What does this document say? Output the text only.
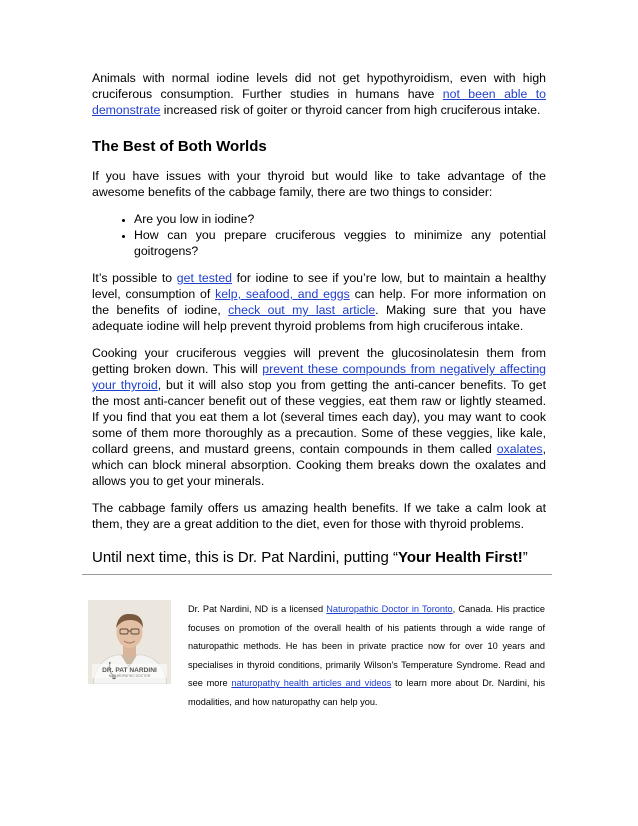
Animals with normal iodine levels did not get hypothyroidism, even with high cruciferous consumption. Further studies in humans have not been able to demonstrate increased risk of goiter or thyroid cancer from high cruciferous intake.

The Best of Both Worlds

If you have issues with your thyroid but would like to take advantage of the awesome benefits of the cabbage family, there are two things to consider:

• Are you low in iodine?
• How can you prepare cruciferous veggies to minimize any potential goitrogens?

It’s possible to get tested for iodine to see if you’re low, but to maintain a healthy level, consumption of kelp, seafood, and eggs can help. For more information on the benefits of iodine, check out my last article. Making sure that you have adequate iodine will help prevent thyroid problems from high cruciferous intake.

Cooking your cruciferous veggies will prevent the glucosinolatesin them from getting broken down. This will prevent these compounds from negatively affecting your thyroid, but it will also stop you from getting the anti-cancer benefits. To get the most anti-cancer benefit out of these veggies, eat them raw or lightly steamed. If you find that you eat them a lot (several times each day), you may want to cook some of them more thoroughly as a precaution. Some of these veggies, like kale, collard greens, and mustard greens, contain compounds in them called oxalates, which can block mineral absorption. Cooking them breaks down the oxalates and allows you to get your minerals.

The cabbage family offers us amazing health benefits. If we take a calm look at them, they are a great addition to the diet, even for those with thyroid problems.

Until next time, this is Dr. Pat Nardini, putting “Your Health First!”

DR. PAT NARDINI
NATUROPATHIC DOCTOR

Dr. Pat Nardini, ND is a licensed Naturopathic Doctor in Toronto, Canada. His practice focuses on promotion of the overall health of his patients through a wide range of naturopathic methods. He has been in private practice now for over 10 years and specialises in thyroid conditions, primarily Wilson's Temperature Syndrome. Read and see more naturopathy health articles and videos to learn more about Dr. Nardini, his modalities, and how naturopathy can help you.
